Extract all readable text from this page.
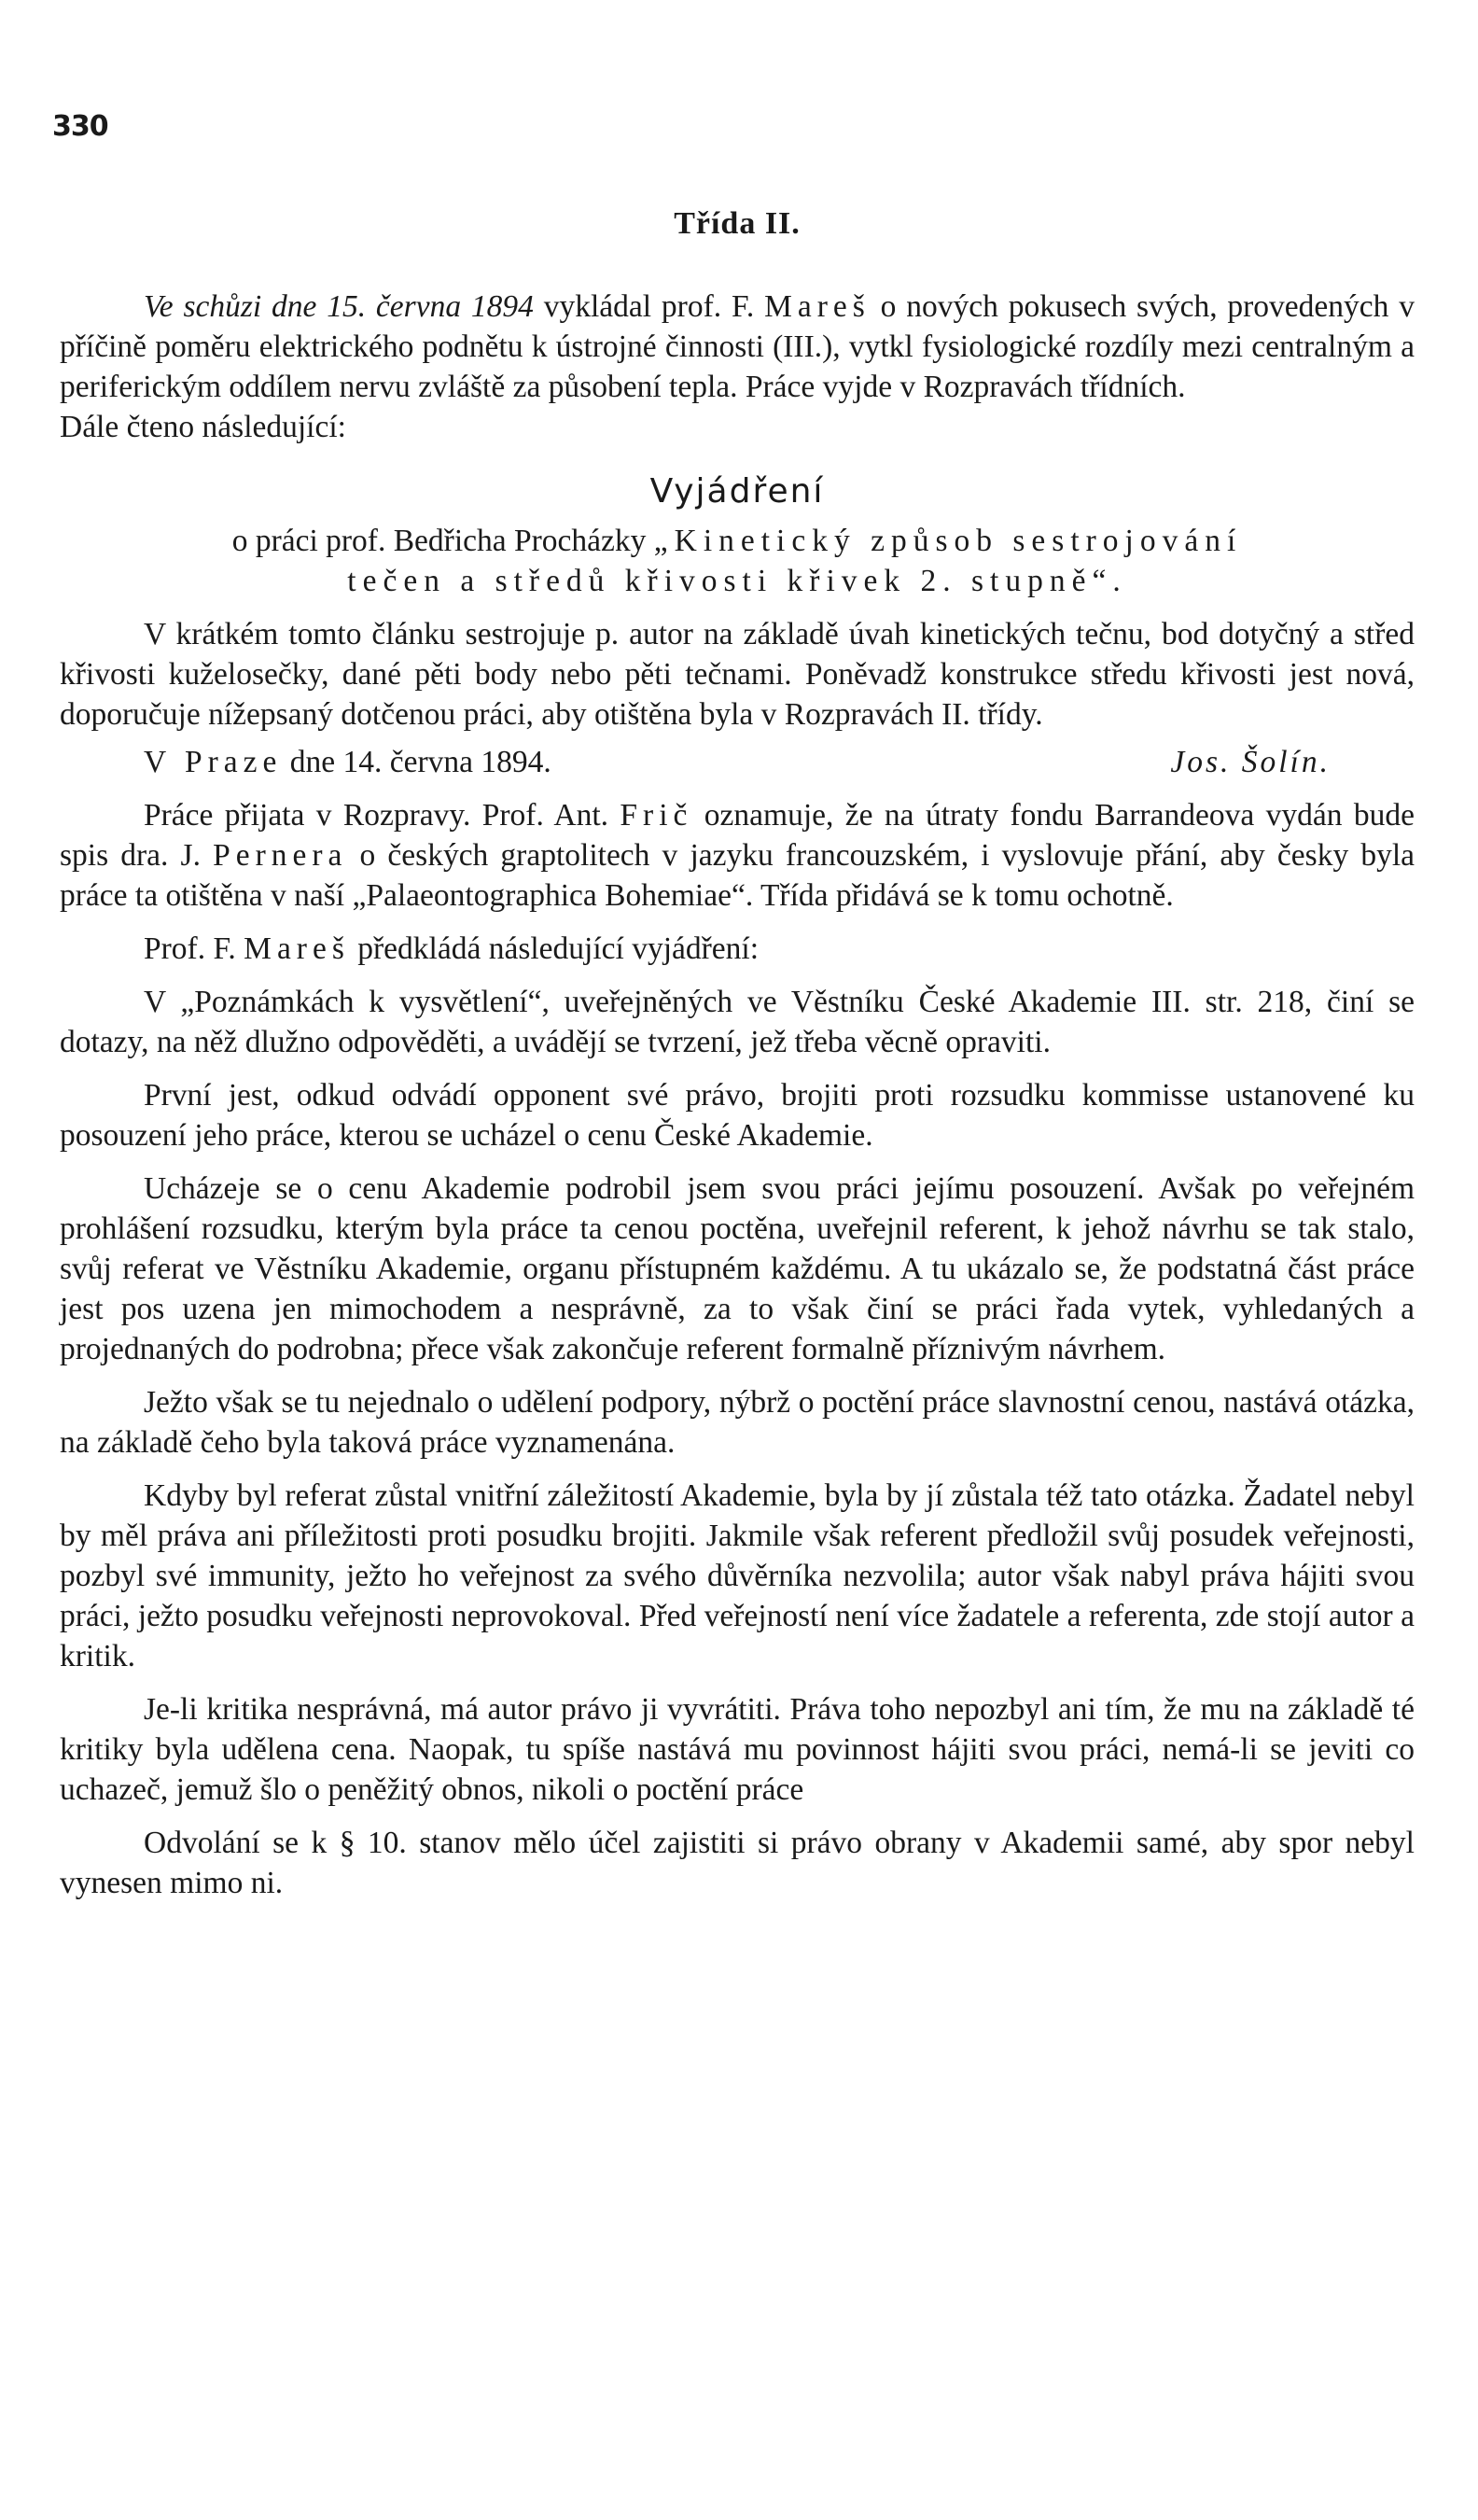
330

Třída II.

Ve schůzi dne 15. června 1894 vykládal prof. F. Mareš o nových pokusech svých, provedených v příčině poměru elektrického podnětu k ústrojné činnosti (III.), vytkl fysiologické rozdíly mezi centralným a periferickým oddílem nervu zvláště za působení tepla. Práce vyjde v Rozpravách třídních.

Dále čteno následující:

Vyjádření

o práci prof. Bedřicha Procházky „Kinetický způsob sestrojování
tečen a středů křivosti křivek 2. stupně“.

V krátkém tomto článku sestrojuje p. autor na základě úvah kinetických tečnu, bod dotyčný a střed křivosti kuželosečky, dané pěti body nebo pěti tečnami. Poněvadž konstrukce středu křivosti jest nová, doporučuje nížepsaný dotčenou práci, aby otištěna byla v Rozpravách II. třídy.

V Praze dne 14. června 1894.	Jos. Šolín.

Práce přijata v Rozpravy. Prof. Ant. Frič oznamuje, že na útraty fondu Barrandeova vydán bude spis dra. J. Pernera o českých graptolitech v jazyku francouzském, i vyslovuje přání, aby česky byla práce ta otištěna v naší „Palaeontographica Bohemiae“. Třída přidává se k tomu ochotně.

Prof. F. Mareš předkládá následující vyjádření:

V „Poznámkách k vysvětlení“, uveřejněných ve Věstníku České Akademie III. str. 218, činí se dotazy, na něž dlužno odpověděti, a uvádějí se tvrzení, jež třeba věcně opraviti.

První jest, odkud odvádí opponent své právo, brojiti proti rozsudku kommisse ustanovené ku posouzení jeho práce, kterou se ucházel o cenu České Akademie.

Ucházeje se o cenu Akademie podrobil jsem svou práci jejímu posouzení. Avšak po veřejném prohlášení rozsudku, kterým byla práce ta cenou poctěna, uveřejnil referent, k jehož návrhu se tak stalo, svůj referat ve Věstníku Akademie, organu přístupném každému. A tu ukázalo se, že podstatná část práce jest pos uzena jen mimochodem a nesprávně, za to však činí se práci řada vytek, vyhledaných a projednaných do podrobna; přece však zakončuje referent formalně příznivým návrhem.

Ježto však se tu nejednalo o udělení podpory, nýbrž o poctění práce slavnostní cenou, nastává otázka, na základě čeho byla taková práce vyznamenána.

Kdyby byl referat zůstal vnitřní záležitostí Akademie, byla by jí zůstala též tato otázka. Žadatel nebyl by měl práva ani příležitosti proti posudku brojiti. Jakmile však referent předložil svůj posudek veřejnosti, pozbyl své immunity, ježto ho veřejnost za svého důvěrníka nezvolila; autor však nabyl práva hájiti svou práci, ježto posudku veřejnosti neprovokoval. Před veřejností není více žadatele a referenta, zde stojí autor a kritik.

Je-li kritika nesprávná, má autor právo ji vyvrátiti. Práva toho nepozbyl ani tím, že mu na základě té kritiky byla udělena cena. Naopak, tu spíše nastává mu povinnost hájiti svou práci, nemá-li se jeviti co uchazeč, jemuž šlo o peněžitý obnos, nikoli o poctění práce

Odvolání se k § 10. stanov mělo účel zajistiti si právo obrany v Akademii samé, aby spor nebyl vynesen mimo ni.
